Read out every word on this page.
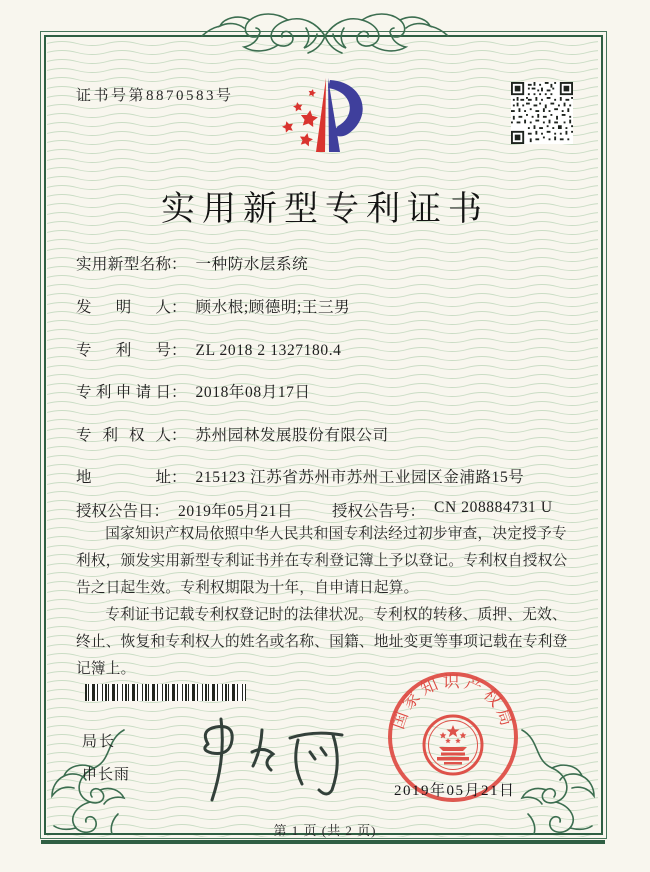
证书号第8870583号
实用新型专利证书
实用新型名称 ： 一种防水层系统
发明人 ： 顾水根;顾德明;王三男
专利号 ： ZL 2018 2 1327180.4
专利申请日 ： 2018年08月17日
专利权人 ： 苏州园林发展股份有限公司
地址 ： 215123 江苏省苏州市苏州工业园区金浦路15号
授权公告日 ： 2019年05月21日	授权公告号 ： CN 208884731 U

国家知识产权局依照中华人民共和国专利法经过初步审查，决定授予专利权，颁发实用新型专利证书并在专利登记簿上予以登记。专利权自授权公告之日起生效。专利权期限为十年，自申请日起算。

专利证书记载专利权登记时的法律状况。专利权的转移、质押、无效、终止、恢复和专利权人的姓名或名称、国籍、地址变更等事项记载在专利登记簿上。

国家知识产权局
2019年05月21日
局长
申长雨
第 1 页 (共 2 页)
